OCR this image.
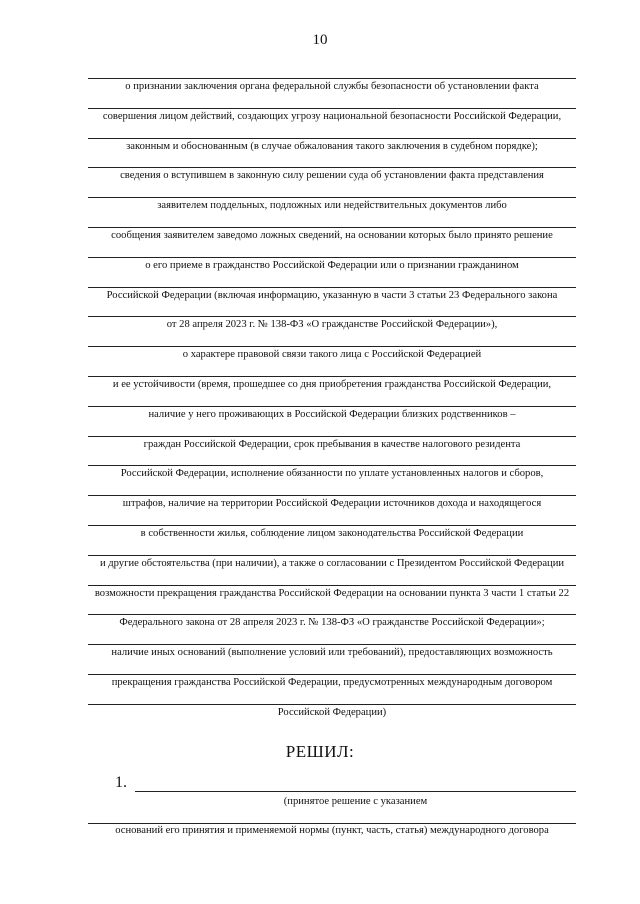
10
о признании заключения органа федеральной службы безопасности об установлении факта
совершения лицом действий, создающих угрозу национальной безопасности Российской Федерации,
законным и обоснованным (в случае обжалования такого заключения в судебном порядке);
сведения о вступившем в законную силу решении суда об установлении факта представления
заявителем поддельных, подложных или недействительных документов либо
сообщения заявителем заведомо ложных сведений, на основании которых было принято решение
о его приеме в гражданство Российской Федерации или о признании гражданином
Российской Федерации (включая информацию, указанную в части 3 статьи 23 Федерального закона
от 28 апреля 2023 г. № 138-ФЗ «О гражданстве Российской Федерации»),
о характере правовой связи такого лица с Российской Федерацией
и ее устойчивости (время, прошедшее со дня приобретения гражданства Российской Федерации,
наличие у него проживающих в Российской Федерации близких родственников –
граждан Российской Федерации, срок пребывания в качестве налогового резидента
Российской Федерации, исполнение обязанности по уплате установленных налогов и сборов,
штрафов, наличие на территории Российской Федерации источников дохода и находящегося
в собственности жилья, соблюдение лицом законодательства Российской Федерации
и другие обстоятельства (при наличии), а также о согласовании с Президентом Российской Федерации
возможности прекращения гражданства Российской Федерации на основании пункта 3 части 1 статьи 22
Федерального закона от 28 апреля 2023 г. № 138-ФЗ «О гражданстве Российской Федерации»;
наличие иных оснований (выполнение условий или требований), предоставляющих возможность
прекращения гражданства Российской Федерации, предусмотренных международным договором
Российской Федерации)
РЕШИЛ:
1.
(принятое решение с указанием
оснований его принятия и применяемой нормы (пункт, часть, статья) международного договора
